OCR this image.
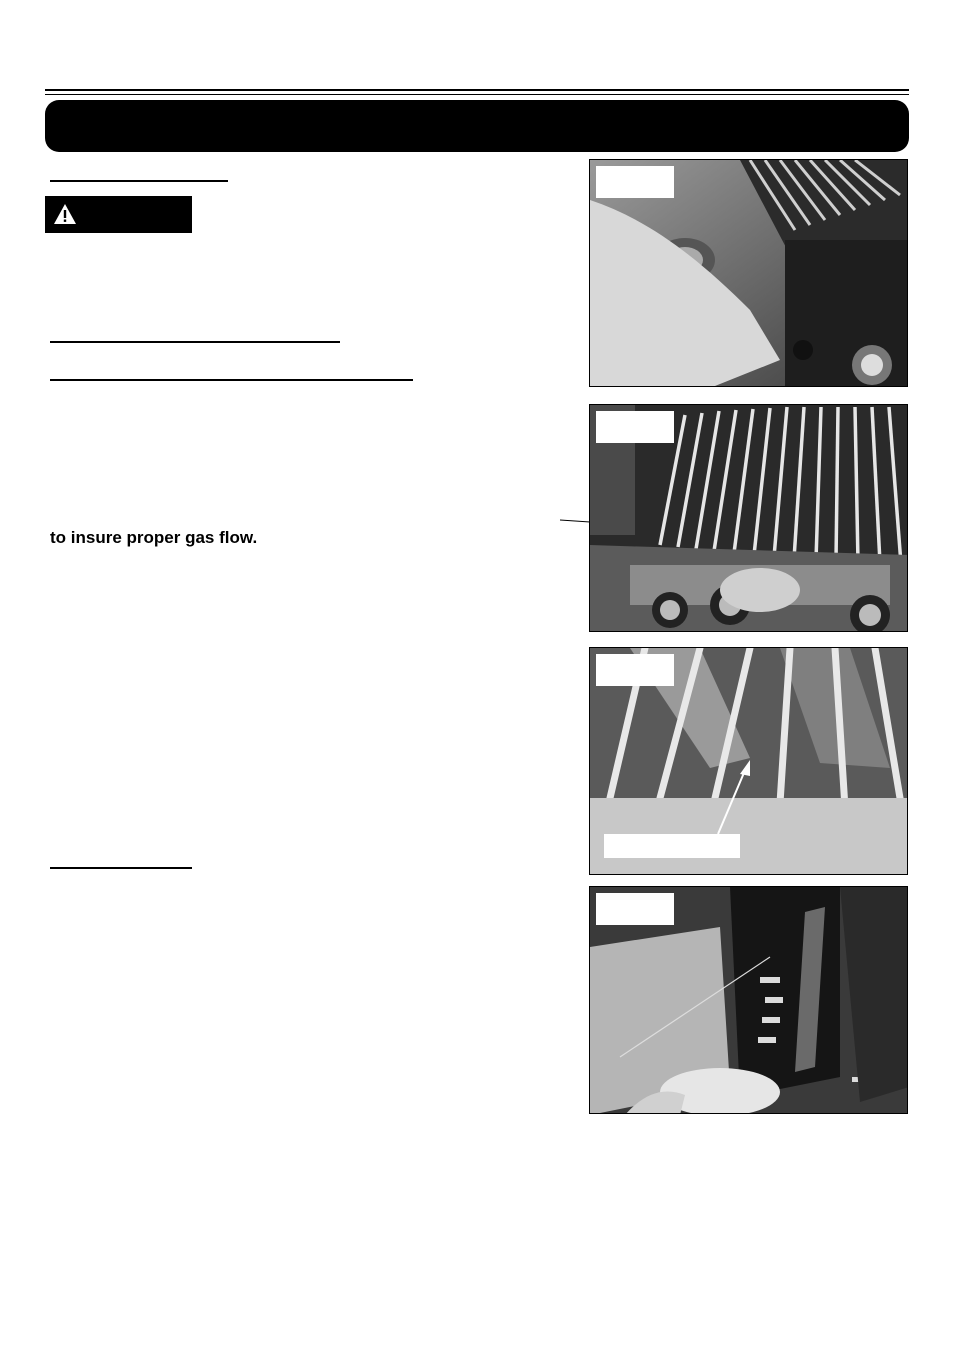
to insure proper gas flow.
